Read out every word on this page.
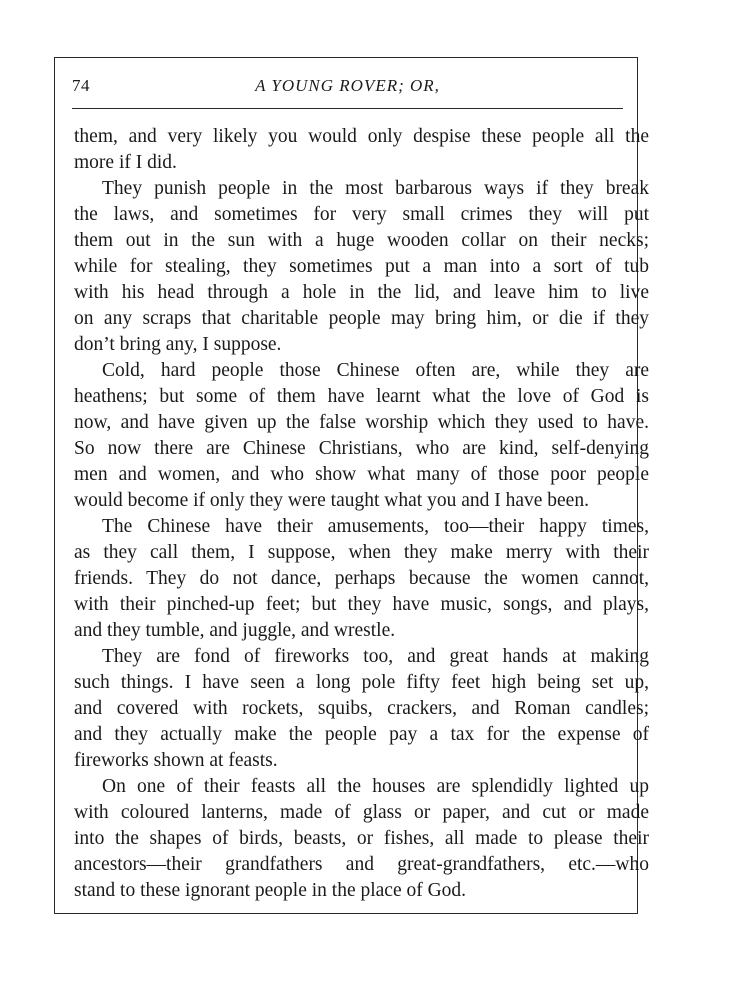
74	A YOUNG ROVER; OR,
them, and very likely you would only despise these people all the
more if I did.
They punish people in the most barbarous ways if they break
the laws, and sometimes for very small crimes they will put
them out in the sun with a huge wooden collar on their necks;
while for stealing, they sometimes put a man into a sort of tub
with his head through a hole in the lid, and leave him to live
on any scraps that charitable people may bring him, or die if they
don’t bring any, I suppose.
Cold, hard people those Chinese often are, while they are
heathens; but some of them have learnt what the love of God is
now, and have given up the false worship which they used to have.
So now there are Chinese Christians, who are kind, self-denying
men and women, and who show what many of those poor people
would become if only they were taught what you and I have been.
The Chinese have their amusements, too—their happy times,
as they call them, I suppose, when they make merry with their
friends. They do not dance, perhaps because the women cannot,
with their pinched-up feet; but they have music, songs, and plays,
and they tumble, and juggle, and wrestle.
They are fond of fireworks too, and great hands at making
such things. I have seen a long pole fifty feet high being set up,
and covered with rockets, squibs, crackers, and Roman candles;
and they actually make the people pay a tax for the expense of
fireworks shown at feasts.
On one of their feasts all the houses are splendidly lighted up
with coloured lanterns, made of glass or paper, and cut or made
into the shapes of birds, beasts, or fishes, all made to please their
ancestors—their grandfathers and great-grandfathers, etc.—who
stand to these ignorant people in the place of God.
